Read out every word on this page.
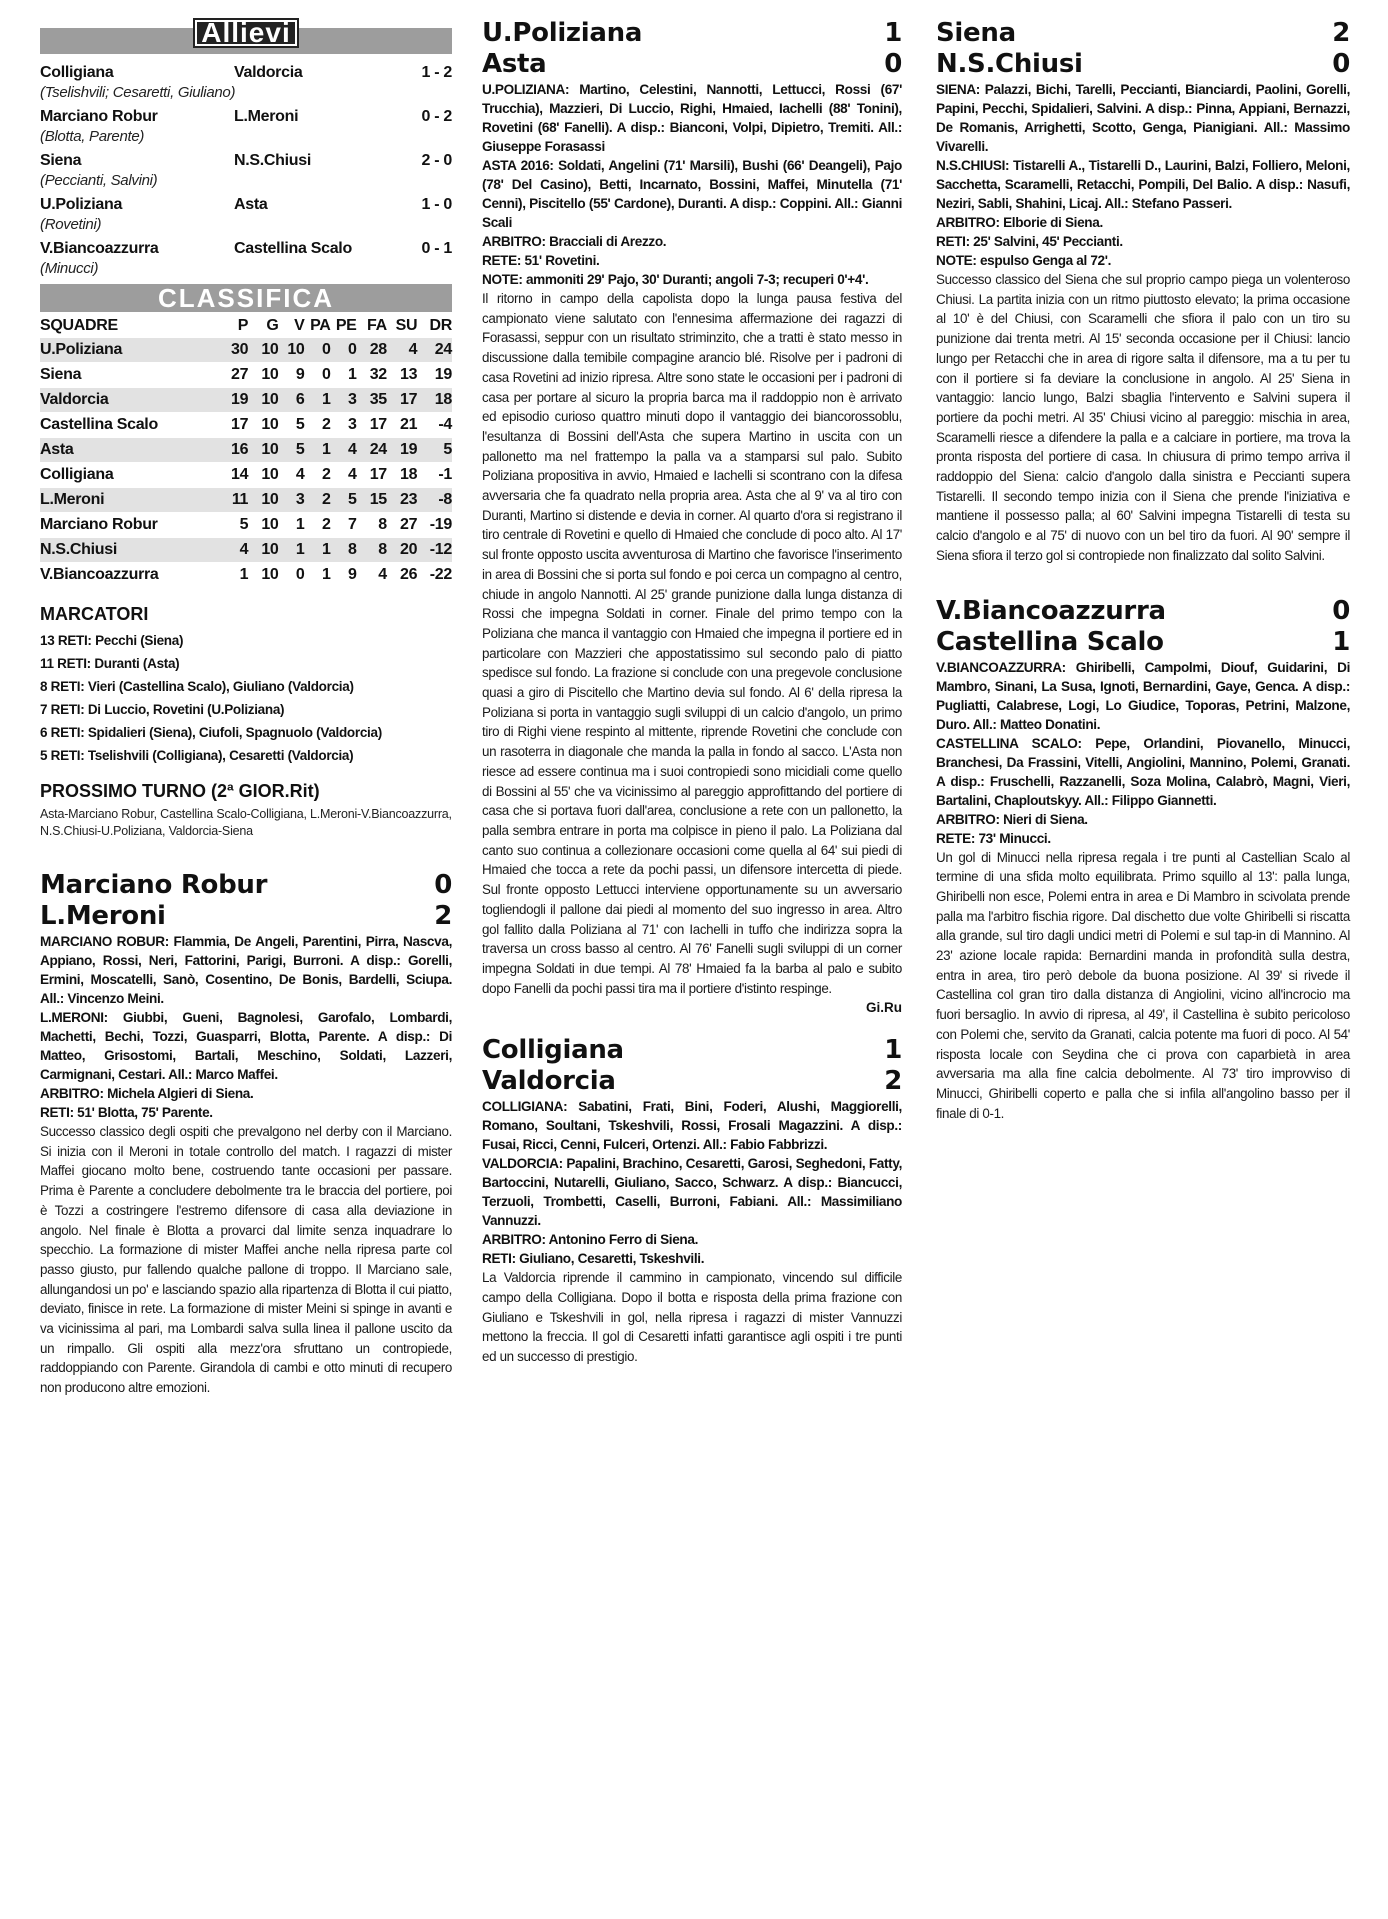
Allievi
Colligiana	Valdorcia	1 - 2
(Tselishvili; Cesaretti, Giuliano)
Marciano Robur	L.Meroni	0 - 2
(Blotta, Parente)
Siena	N.S.Chiusi	2 - 0
(Peccianti, Salvini)
U.Poliziana	Asta	1 - 0
(Rovetini)
V.Biancoazzurra	Castellina Scalo	0 - 1
(Minucci)
CLASSIFICA
SQUADRE	P	G	V	PA	PE	FA	SU	DR
U.Poliziana	30	10	10	0	0	28	4	24
Siena	27	10	9	0	1	32	13	19
Valdorcia	19	10	6	1	3	35	17	18
Castellina Scalo	17	10	5	2	3	17	21	-4
Asta	16	10	5	1	4	24	19	5
Colligiana	14	10	4	2	4	17	18	-1
L.Meroni	11	10	3	2	5	15	23	-8
Marciano Robur	5	10	1	2	7	8	27	-19
N.S.Chiusi	4	10	1	1	8	8	20	-12
V.Biancoazzurra	1	10	0	1	9	4	26	-22
MARCATORI
13 RETI: Pecchi (Siena)
11 RETI: Duranti (Asta)
8 RETI: Vieri (Castellina Scalo), Giuliano (Valdorcia)
7 RETI: Di Luccio, Rovetini (U.Poliziana)
6 RETI: Spidalieri (Siena), Ciufoli, Spagnuolo (Valdorcia)
5 RETI: Tselishvili (Colligiana), Cesaretti (Valdorcia)
PROSSIMO TURNO (2ª GIOR.Rit)
Asta-Marciano Robur, Castellina Scalo-Colligiana, L.Meroni-V.Biancoazzurra, N.S.Chiusi-U.Poliziana, Valdorcia-Siena
Marciano Robur	0
L.Meroni	2

MARCIANO ROBUR: Flammia, De Angeli, Parentini, Pirra, Nascva, Appiano, Rossi, Neri, Fattorini, Parigi, Burroni. A disp.: Gorelli, Ermini, Moscatelli, Sanò, Cosentino, De Bonis, Bardelli, Sciupa. All.: Vincenzo Meini.

L.MERONI: Giubbi, Gueni, Bagnolesi, Garofalo, Lombardi, Machetti, Bechi, Tozzi, Guasparri, Blotta, Parente. A disp.: Di Matteo, Grisostomi, Bartali, Meschino, Soldati, Lazzeri, Carmignani, Cestari. All.: Marco Maffei.

ARBITRO: Michela Algieri di Siena.

RETI: 51' Blotta, 75' Parente.

Successo classico degli ospiti che prevalgono nel derby con il Marciano. Si inizia con il Meroni in totale controllo del match. I ragazzi di mister Maffei giocano molto bene, costruendo tante occasioni per passare. Prima è Parente a concludere debolmente tra le braccia del portiere, poi è Tozzi a costringere l'estremo difensore di casa alla deviazione in angolo. Nel finale è Blotta a provarci dal limite senza inquadrare lo specchio. La formazione di mister Maffei anche nella ripresa parte col passo giusto, pur fallendo qualche pallone di troppo. Il Marciano sale, allungandosi un po' e lasciando spazio alla ripartenza di Blotta il cui piatto, deviato, finisce in rete. La formazione di mister Meini si spinge in avanti e va vicinissima al pari, ma Lombardi salva sulla linea il pallone uscito da un rimpallo. Gli ospiti alla mezz'ora sfruttano un contropiede, raddoppiando con Parente. Girandola di cambi e otto minuti di recupero non producono altre emozioni.

U.Poliziana	1
Asta	0

U.POLIZIANA: Martino, Celestini, Nannotti, Lettucci, Rossi (67' Trucchia), Mazzieri, Di Luccio, Righi, Hmaied, Iachelli (88' Tonini), Rovetini (68' Fanelli). A disp.: Bianconi, Volpi, Dipietro, Tremiti. All.: Giuseppe Forasassi

ASTA 2016: Soldati, Angelini (71' Marsili), Bushi (66' Deangeli), Pajo (78' Del Casino), Betti, Incarnato, Bossini, Maffei, Minutella (71' Cenni), Piscitello (55' Cardone), Duranti. A disp.: Coppini. All.: Gianni Scali

ARBITRO: Bracciali di Arezzo.

RETE: 51' Rovetini.

NOTE: ammoniti 29' Pajo, 30' Duranti; angoli 7-3; recuperi 0'+4'.

Il ritorno in campo della capolista dopo la lunga pausa festiva del campionato viene salutato con l'ennesima affermazione dei ragazzi di Forasassi, seppur con un risultato striminzito, che a tratti è stato messo in discussione dalla temibile compagine arancio blé. Risolve per i padroni di casa Rovetini ad inizio ripresa. Altre sono state le occasioni per i padroni di casa per portare al sicuro la propria barca ma il raddoppio non è arrivato ed episodio curioso quattro minuti dopo il vantaggio dei biancorossoblu, l'esultanza di Bossini dell'Asta che supera Martino in uscita con un pallonetto ma nel frattempo la palla va a stamparsi sul palo. Subito Poliziana propositiva in avvio, Hmaied e Iachelli si scontrano con la difesa avversaria che fa quadrato nella propria area. Asta che al 9' va al tiro con Duranti, Martino si distende e devia in corner. Al quarto d'ora si registrano il tiro centrale di Rovetini e quello di Hmaied che conclude di poco alto. Al 17' sul fronte opposto uscita avventurosa di Martino che favorisce l'inserimento in area di Bossini che si porta sul fondo e poi cerca un compagno al centro, chiude in angolo Nannotti. Al 25' grande punizione dalla lunga distanza di Rossi che impegna Soldati in corner. Finale del primo tempo con la Poliziana che manca il vantaggio con Hmaied che impegna il portiere ed in particolare con Mazzieri che appostatissimo sul secondo palo di piatto spedisce sul fondo. La frazione si conclude con una pregevole conclusione quasi a giro di Piscitello che Martino devia sul fondo. Al 6' della ripresa la Poliziana si porta in vantaggio sugli sviluppi di un calcio d'angolo, un primo tiro di Righi viene respinto al mittente, riprende Rovetini che conclude con un rasoterra in diagonale che manda la palla in fondo al sacco. L'Asta non riesce ad essere continua ma i suoi contropiedi sono micidiali come quello di Bossini al 55' che va vicinissimo al pareggio approfittando del portiere di casa che si portava fuori dall'area, conclusione a rete con un pallonetto, la palla sembra entrare in porta ma colpisce in pieno il palo. La Poliziana dal canto suo continua a collezionare occasioni come quella al 64' sui piedi di Hmaied che tocca a rete da pochi passi, un difensore intercetta di piede. Sul fronte opposto Lettucci interviene opportunamente su un avversario togliendogli il pallone dai piedi al momento del suo ingresso in area. Altro gol fallito dalla Poliziana al 71' con Iachelli in tuffo che indirizza sopra la traversa un cross basso al centro. Al 76' Fanelli sugli sviluppi di un corner impegna Soldati in due tempi. Al 78' Hmaied fa la barba al palo e subito dopo Fanelli da pochi passi tira ma il portiere d'istinto respinge.

Gi.Ru
Colligiana	1
Valdorcia	2

COLLIGIANA: Sabatini, Frati, Bini, Foderi, Alushi, Maggiorelli, Romano, Soultani, Tskeshvili, Rossi, Frosali Magazzini. A disp.: Fusai, Ricci, Cenni, Fulceri, Ortenzi. All.: Fabio Fabbrizzi.

VALDORCIA: Papalini, Brachino, Cesaretti, Garosi, Seghedoni, Fatty, Bartoccini, Nutarelli, Giuliano, Sacco, Schwarz. A disp.: Biancucci, Terzuoli, Trombetti, Caselli, Burroni, Fabiani. All.: Massimiliano Vannuzzi.

ARBITRO: Antonino Ferro di Siena.

RETI: Giuliano, Cesaretti, Tskeshvili.

La Valdorcia riprende il cammino in campionato, vincendo sul difficile campo della Colligiana. Dopo il botta e risposta della prima frazione con Giuliano e Tskeshvili in gol, nella ripresa i ragazzi di mister Vannuzzi mettono la freccia. Il gol di Cesaretti infatti garantisce agli ospiti i tre punti ed un successo di prestigio.

Siena	2
N.S.Chiusi	0

SIENA: Palazzi, Bichi, Tarelli, Peccianti, Bianciardi, Paolini, Gorelli, Papini, Pecchi, Spidalieri, Salvini. A disp.: Pinna, Appiani, Bernazzi, De Romanis, Arrighetti, Scotto, Genga, Pianigiani. All.: Massimo Vivarelli.

N.S.CHIUSI: Tistarelli A., Tistarelli D., Laurini, Balzi, Folliero, Meloni, Sacchetta, Scaramelli, Retacchi, Pompili, Del Balio. A disp.: Nasufi, Neziri, Sabli, Shahini, Licaj. All.: Stefano Passeri.

ARBITRO: Elborie di Siena.

RETI: 25' Salvini, 45' Peccianti.

NOTE: espulso Genga al 72'.

Successo classico del Siena che sul proprio campo piega un volenteroso Chiusi. La partita inizia con un ritmo piuttosto elevato; la prima occasione al 10' è del Chiusi, con Scaramelli che sfiora il palo con un tiro su punizione dai trenta metri. Al 15' seconda occasione per il Chiusi: lancio lungo per Retacchi che in area di rigore salta il difensore, ma a tu per tu con il portiere si fa deviare la conclusione in angolo. Al 25' Siena in vantaggio: lancio lungo, Balzi sbaglia l'intervento e Salvini supera il portiere da pochi metri. Al 35' Chiusi vicino al pareggio: mischia in area, Scaramelli riesce a difendere la palla e a calciare in portiere, ma trova la pronta risposta del portiere di casa. In chiusura di primo tempo arriva il raddoppio del Siena: calcio d'angolo dalla sinistra e Peccianti supera Tistarelli. Il secondo tempo inizia con il Siena che prende l'iniziativa e mantiene il possesso palla; al 60' Salvini impegna Tistarelli di testa su calcio d'angolo e al 75' di nuovo con un bel tiro da fuori. Al 90' sempre il Siena sfiora il terzo gol si contropiede non finalizzato dal solito Salvini.

V.Biancoazzurra	0
Castellina Scalo	1

V.BIANCOAZZURRA: Ghiribelli, Campolmi, Diouf, Guidarini, Di Mambro, Sinani, La Susa, Ignoti, Bernardini, Gaye, Genca. A disp.: Pugliatti, Calabrese, Logi, Lo Giudice, Toporas, Petrini, Malzone, Duro. All.: Matteo Donatini.

CASTELLINA SCALO: Pepe, Orlandini, Piovanello, Minucci, Branchesi, Da Frassini, Vitelli, Angiolini, Mannino, Polemi, Granati. A disp.: Fruschelli, Razzanelli, Soza Molina, Calabrò, Magni, Vieri, Bartalini, Chaploutskyy. All.: Filippo Giannetti.

ARBITRO: Nieri di Siena.

RETE: 73' Minucci.

Un gol di Minucci nella ripresa regala i tre punti al Castellian Scalo al termine di una sfida molto equilibrata. Primo squillo al 13': palla lunga, Ghiribelli non esce, Polemi entra in area e Di Mambro in scivolata prende palla ma l'arbitro fischia rigore. Dal dischetto due volte Ghiribelli si riscatta alla grande, sul tiro dagli undici metri di Polemi e sul tap-in di Mannino. Al 23' azione locale rapida: Bernardini manda in profondità sulla destra, entra in area, tiro però debole da buona posizione. Al 39' si rivede il Castellina col gran tiro dalla distanza di Angiolini, vicino all'incrocio ma fuori bersaglio. In avvio di ripresa, al 49', il Castellina è subito pericoloso con Polemi che, servito da Granati, calcia potente ma fuori di poco. Al 54' risposta locale con Seydina che ci prova con caparbietà in area avversaria ma alla fine calcia debolmente. Al 73' tiro improvviso di Minucci, Ghiribelli coperto e palla che si infila all'angolino basso per il finale di 0-1.
